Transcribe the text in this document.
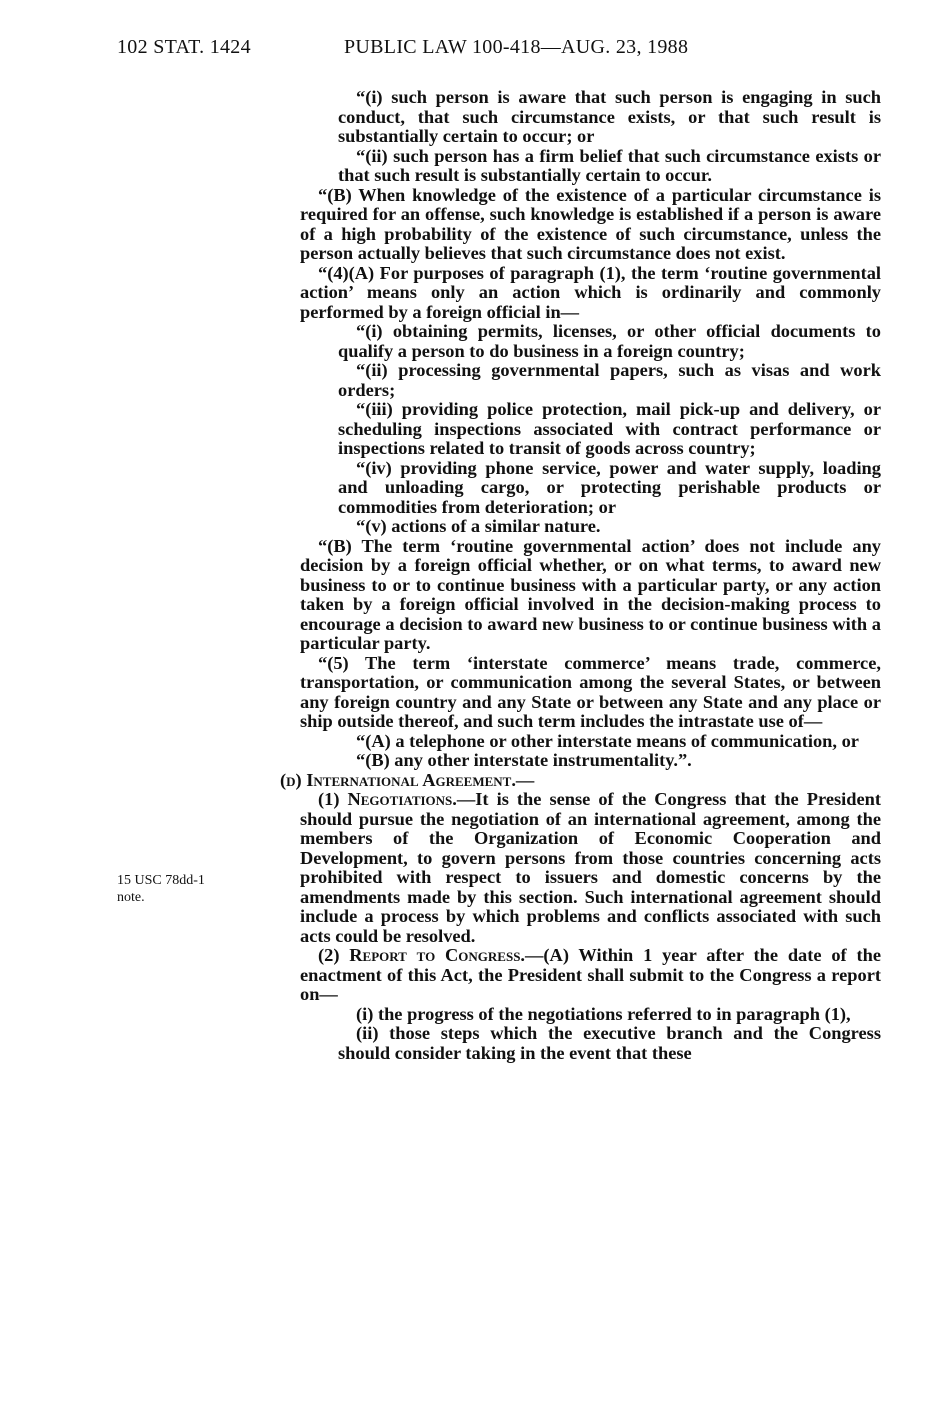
102 STAT. 1424	PUBLIC LAW 100-418—AUG. 23, 1988
15 USC 78dd-1
note.

“(i) such person is aware that such person is engaging in such conduct, that such circumstance exists, or that such result is substantially certain to occur; or

“(ii) such person has a firm belief that such circumstance exists or that such result is substantially certain to occur.

“(B) When knowledge of the existence of a particular circumstance is required for an offense, such knowledge is established if a person is aware of a high probability of the existence of such circumstance, unless the person actually believes that such circumstance does not exist.

“(4)(A) For purposes of paragraph (1), the term ‘routine governmental action’ means only an action which is ordinarily and commonly performed by a foreign official in—

“(i) obtaining permits, licenses, or other official documents to qualify a person to do business in a foreign country;

“(ii) processing governmental papers, such as visas and work orders;

“(iii) providing police protection, mail pick-up and delivery, or scheduling inspections associated with contract performance or inspections related to transit of goods across country;

“(iv) providing phone service, power and water supply, loading and unloading cargo, or protecting perishable products or commodities from deterioration; or

“(v) actions of a similar nature.

“(B) The term ‘routine governmental action’ does not include any decision by a foreign official whether, or on what terms, to award new business to or to continue business with a particular party, or any action taken by a foreign official involved in the decision-making process to encourage a decision to award new business to or continue business with a particular party.

“(5) The term ‘interstate commerce’ means trade, commerce, transportation, or communication among the several States, or between any foreign country and any State or between any State and any place or ship outside thereof, and such term includes the intrastate use of—

“(A) a telephone or other interstate means of communication, or

“(B) any other interstate instrumentality.”.

(d) International Agreement.—

(1) Negotiations.—It is the sense of the Congress that the President should pursue the negotiation of an international agreement, among the members of the Organization of Economic Cooperation and Development, to govern persons from those countries concerning acts prohibited with respect to issuers and domestic concerns by the amendments made by this section. Such international agreement should include a process by which problems and conflicts associated with such acts could be resolved.

(2) Report to Congress.—(A) Within 1 year after the date of the enactment of this Act, the President shall submit to the Congress a report on—

(i) the progress of the negotiations referred to in paragraph (1),

(ii) those steps which the executive branch and the Congress should consider taking in the event that these
